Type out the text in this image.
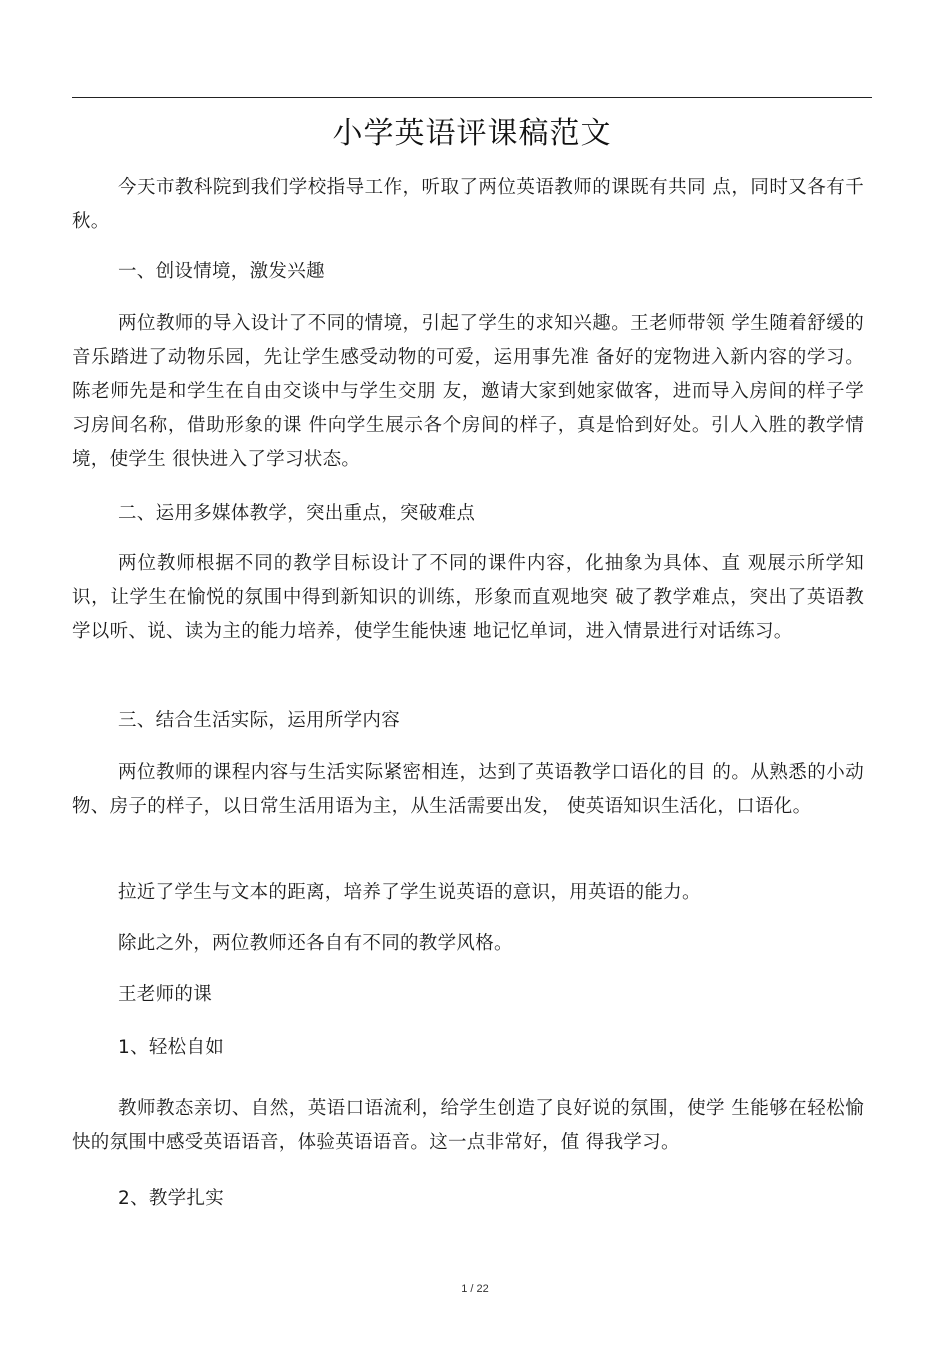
小学英语评课稿范文

今天市教科院到我们学校指导工作，听取了两位英语教师的课既有共同 点，同时又各有千秋。

一、创设情境，激发兴趣

两位教师的导入设计了不同的情境，引起了学生的求知兴趣。王老师带领 学生随着舒缓的音乐踏进了动物乐园，先让学生感受动物的可爱，运用事先准 备好的宠物进入新内容的学习。陈老师先是和学生在自由交谈中与学生交朋 友，邀请大家到她家做客，进而导入房间的样子学习房间名称，借助形象的课 件向学生展示各个房间的样子，真是恰到好处。引人入胜的教学情境，使学生 很快进入了学习状态。

二、运用多媒体教学，突出重点，突破难点

两位教师根据不同的教学目标设计了不同的课件内容，化抽象为具体、直 观展示所学知识，让学生在愉悦的氛围中得到新知识的训练，形象而直观地突 破了教学难点，突出了英语教学以听、说、读为主的能力培养，使学生能快速 地记忆单词，进入情景进行对话练习。

三、结合生活实际，运用所学内容

两位教师的课程内容与生活实际紧密相连，达到了英语教学口语化的目 的。从熟悉的小动物、房子的样子，以日常生活用语为主，从生活需要出发， 使英语知识生活化，口语化。

拉近了学生与文本的距离，培养了学生说英语的意识，用英语的能力。

除此之外，两位教师还各自有不同的教学风格。

王老师的课

1、轻松自如

教师教态亲切、自然，英语口语流利，给学生创造了良好说的氛围，使学 生能够在轻松愉快的氛围中感受英语语音，体验英语语音。这一点非常好，值 得我学习。

2、教学扎实

1 / 22
